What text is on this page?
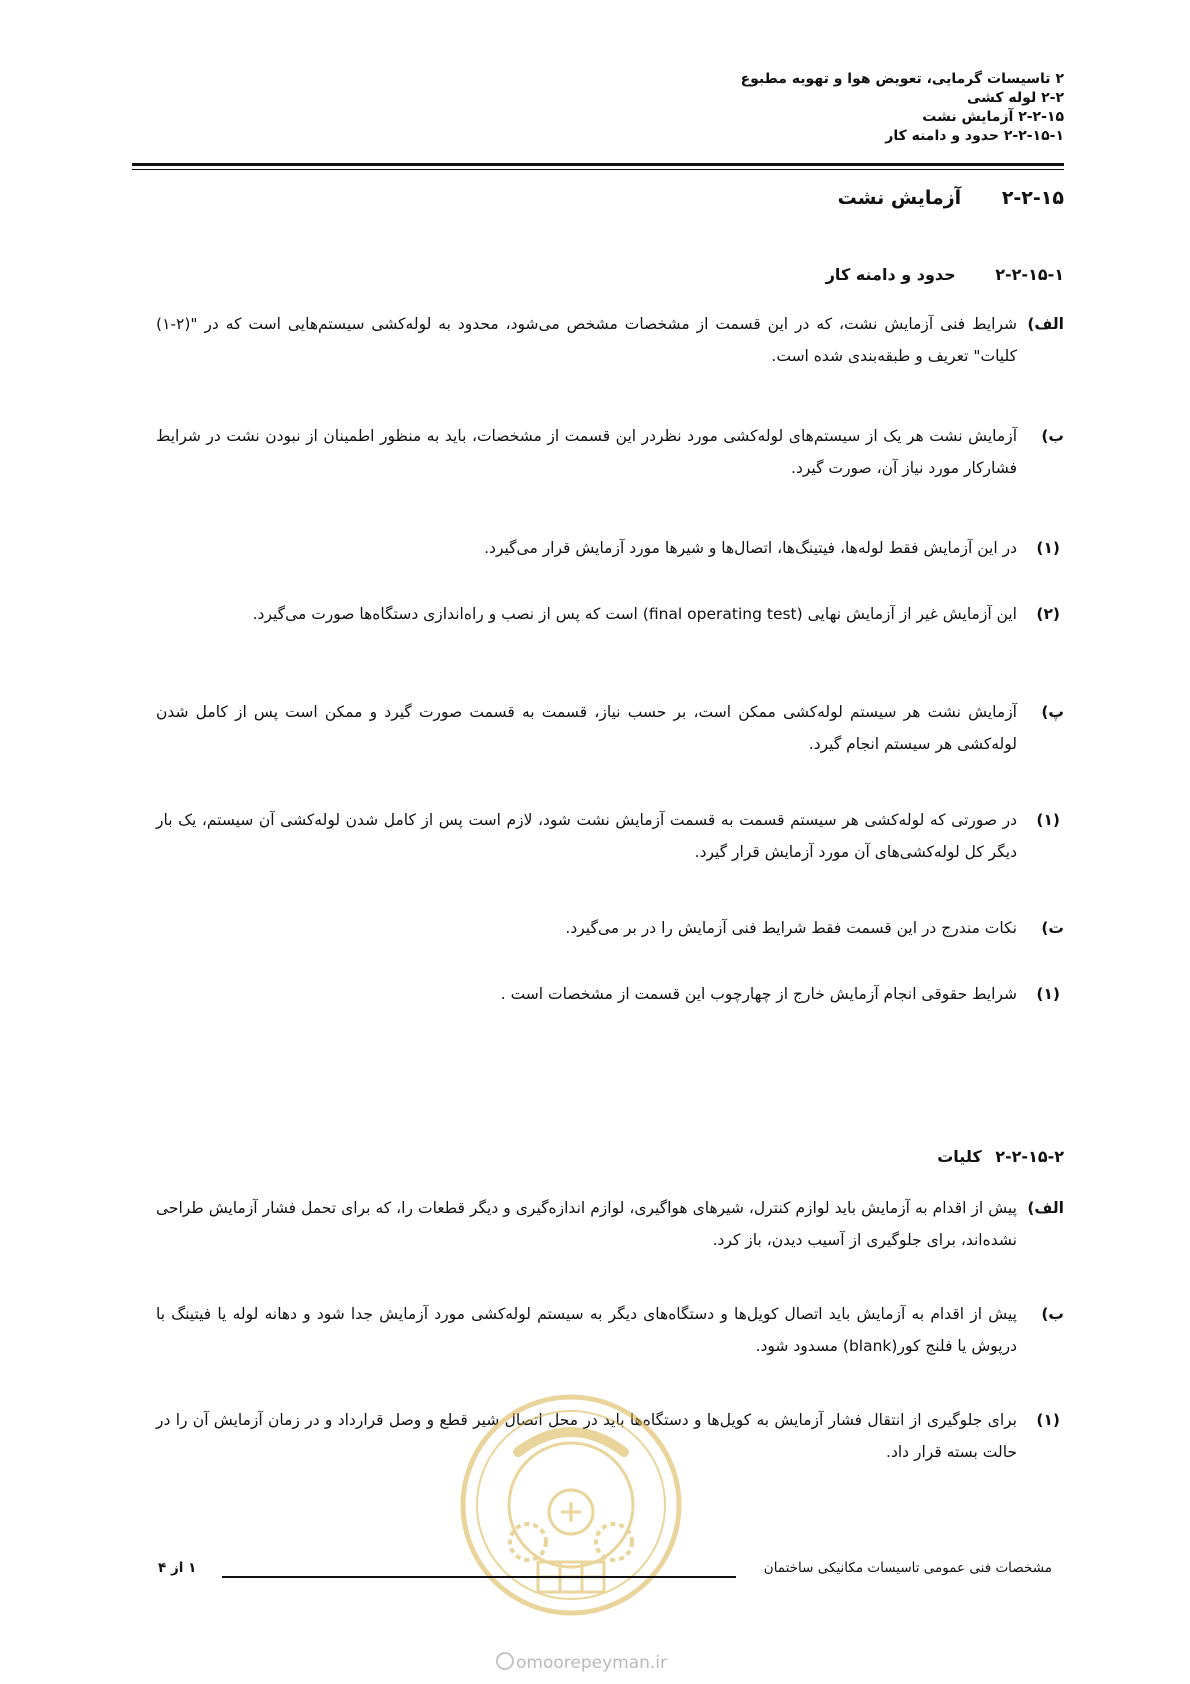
۲ تاسیسات گرمایی، تعویض هوا و تهویه مطبوع
۲-۲ لوله کشی
۲-۲-۱۵ آزمایش نشت
۲-۲-۱۵-۱ حدود و دامنه کار
۲-۲-۱۵ آزمایش نشت
۲-۲-۱۵-۱ حدود و دامنه کار
الف)
شرایط فنی آزمایش نشت، که در این قسمت از مشخصات مشخص می‌شود، محدود به لوله‌کشی سیستم‌هایی است که در "(۲-۱) کلیات" تعریف و طبقه‌بندی شده است.
ب)
آزمایش نشت هر یک از سیستم‌های لوله‌کشی مورد نظردر این قسمت از مشخصات، باید به منظور اطمینان از نبودن نشت در شرایط فشارکار مورد نیاز آن، صورت گیرد.
(۱)
در این آزمایش فقط لوله‌ها، فیتینگ‌ها، اتصال‌ها و شیرها مورد آزمایش قرار می‌گیرد.
(۲)
این آزمایش غیر از آزمایش نهایی (final operating test) است که پس از نصب و راه‌اندازی دستگاه‌ها صورت می‌گیرد.
پ)
آزمایش نشت هر سیستم لوله‌کشی ممکن است، بر حسب نیاز، قسمت به قسمت صورت گیرد و ممکن است پس از کامل شدن لوله‌کشی هر سیستم انجام گیرد.
(۱)
در صورتی که لوله‌کشی هر سیستم قسمت به قسمت آزمایش نشت شود، لازم است پس از کامل شدن لوله‌کشی آن سیستم، یک بار دیگر کل لوله‌کشی‌های آن مورد آزمایش قرار گیرد.
ت)
نکات مندرج در این قسمت فقط شرایط فنی آزمایش را در بر می‌گیرد.
(۱)
شرایط حقوقی انجام آزمایش خارج از چهارچوب این قسمت از مشخصات است .
۲-۲-۱۵-۲ کلیات
الف)
پیش از اقدام به آزمایش باید لوازم کنترل، شیرهای هواگیری، لوازم اندازه‌گیری و دیگر قطعات را، که برای تحمل فشار آزمایش طراحی نشده‌اند، برای جلوگیری از آسیب دیدن، باز کرد.
ب)
پیش از اقدام به آزمایش باید اتصال کویل‌ها و دستگاه‌های دیگر به سیستم لوله‌کشی مورد آزمایش جدا شود و دهانه لوله یا فیتینگ با درپوش یا فلنج کور(blank) مسدود شود.
(۱)
برای جلوگیری از انتقال فشار آزمایش به کویل‌ها و دستگاه‌ها باید در محل اتصال شیر قطع و وصل قرارداد و در زمان آزمایش آن را در حالت بسته قرار داد.
مشخصات فنی عمومی تاسیسات مکانیکی ساختمان
۱ از ۴
omoorepeyman.ir
